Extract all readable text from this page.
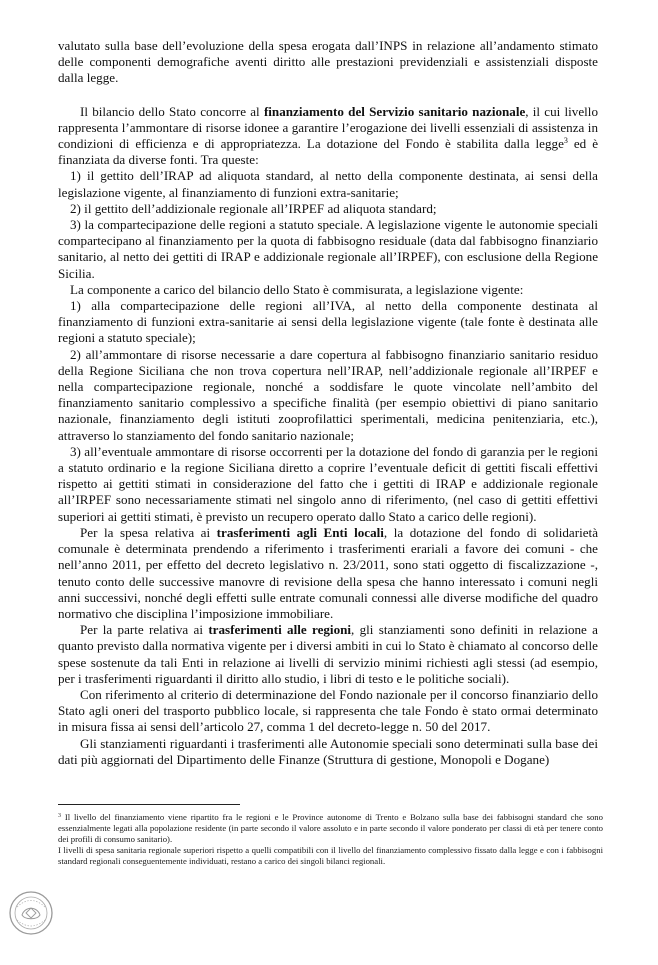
valutato sulla base dell’evoluzione della spesa erogata dall’INPS in relazione all’andamento stimato delle componenti demografiche aventi diritto alle prestazioni previdenziali e assistenziali disposte dalla legge.

Il bilancio dello Stato concorre al finanziamento del Servizio sanitario nazionale, il cui livello rappresenta l’ammontare di risorse idonee a garantire l’erogazione dei livelli essenziali di assistenza in condizioni di efficienza e di appropriatezza. La dotazione del Fondo è stabilita dalla legge$^3$ ed è finanziata da diverse fonti. Tra queste:

1) il gettito dell’IRAP ad aliquota standard, al netto della componente destinata, ai sensi della legislazione vigente, al finanziamento di funzioni extra-sanitarie;

2) il gettito dell’addizionale regionale all’IRPEF ad aliquota standard;

3) la compartecipazione delle regioni a statuto speciale. A legislazione vigente le autonomie speciali compartecipano al finanziamento per la quota di fabbisogno residuale (data dal fabbisogno finanziario sanitario, al netto dei gettiti di IRAP e addizionale regionale all’IRPEF), con esclusione della Regione Sicilia.

La componente a carico del bilancio dello Stato è commisurata, a legislazione vigente:

1) alla compartecipazione delle regioni all’IVA, al netto della componente destinata al finanziamento di funzioni extra-sanitarie ai sensi della legislazione vigente (tale fonte è destinata alle regioni a statuto speciale);

2) all’ammontare di risorse necessarie a dare copertura al fabbisogno finanziario sanitario residuo della Regione Siciliana che non trova copertura nell’IRAP, nell’addizionale regionale all’IRPEF e nella compartecipazione regionale, nonché a soddisfare le quote vincolate nell’ambito del finanziamento sanitario complessivo a specifiche finalità (per esempio obiettivi di piano sanitario nazionale, finanziamento degli istituti zooprofilattici sperimentali, medicina penitenziaria, etc.), attraverso lo stanziamento del fondo sanitario nazionale;

3) all’eventuale ammontare di risorse occorrenti per la dotazione del fondo di garanzia per le regioni a statuto ordinario e la regione Siciliana diretto a coprire l’eventuale deficit di gettiti fiscali effettivi rispetto ai gettiti stimati in considerazione del fatto che i gettiti di IRAP e addizionale regionale all’IRPEF sono necessariamente stimati nel singolo anno di riferimento, (nel caso di gettiti effettivi superiori ai gettiti stimati, è previsto un recupero operato dallo Stato a carico delle regioni).

Per la spesa relativa ai trasferimenti agli Enti locali, la dotazione del fondo di solidarietà comunale è determinata prendendo a riferimento i trasferimenti erariali a favore dei comuni - che nell’anno 2011, per effetto del decreto legislativo n. 23/2011, sono stati oggetto di fiscalizzazione -, tenuto conto delle successive manovre di revisione della spesa che hanno interessato i comuni negli anni successivi, nonché degli effetti sulle entrate comunali connessi alle diverse modifiche del quadro normativo che disciplina l’imposizione immobiliare.

Per la parte relativa ai trasferimenti alle regioni, gli stanziamenti sono definiti in relazione a quanto previsto dalla normativa vigente per i diversi ambiti in cui lo Stato è chiamato al concorso delle spese sostenute da tali Enti in relazione ai livelli di servizio minimi richiesti agli stessi (ad esempio, per i trasferimenti riguardanti il diritto allo studio, i libri di testo e le politiche sociali).

Con riferimento al criterio di determinazione del Fondo nazionale per il concorso finanziario dello Stato agli oneri del trasporto pubblico locale, si rappresenta che tale Fondo è stato ormai determinato in misura fissa ai sensi dell’articolo 27, comma 1 del decreto-legge n. 50 del 2017.

Gli stanziamenti riguardanti i trasferimenti alle Autonomie speciali sono determinati sulla base dei dati più aggiornati del Dipartimento delle Finanze (Struttura di gestione, Monopoli e Dogane)

$^3$ Il livello del finanziamento viene ripartito fra le regioni e le Province autonome di Trento e Bolzano sulla base dei fabbisogni standard che sono essenzialmente legati alla popolazione residente (in parte secondo il valore assoluto e in parte secondo il valore ponderato per classi di età per tenere conto dei profili di consumo sanitario).
I livelli di spesa sanitaria regionale superiori rispetto a quelli compatibili con il livello del finanziamento complessivo fissato dalla legge e con i fabbisogni standard regionali conseguentemente individuati, restano a carico dei singoli bilanci regionali.
